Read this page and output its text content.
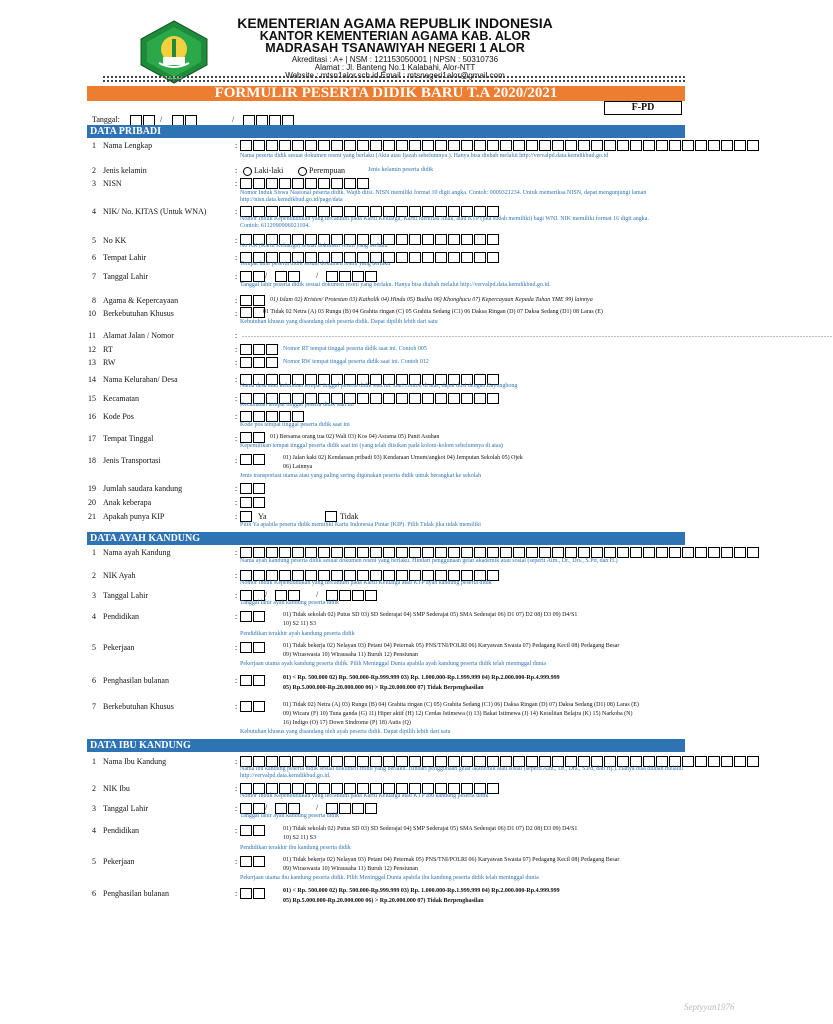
KEMENTERIAN AGAMA
KEMENTERIAN AGAMA REPUBLIK INDONESIA
KANTOR KEMENTERIAN AGAMA KAB. ALOR
MADRASAH TSANAWIYAH NEGERI 1 ALOR
Akreditasi : A+ | NSM : 121153050001 | NPSN : 50310736
Alamat : Jl. Banteng No.1 Kalabahi, Alor-NTT
Website : mtsn1alor.sch.id Email : mtsnegeri1alor@gmail.com
FORMULIR PESERTA DIDIK BARU T.A 2020/2021
F-PD
Tanggal:	/	/
DATA PRIBADI
1 Nama Lengkap	:
Nama peserta didik sesuai dokumen resmi yang berlaku (Akta atau Ijazah sebelumnya ). Hanya bisa diubah melalui http://vervalpd.data.kemdikbud.go.id
2 Jenis kelamin	:	Laki-laki	Perempuan	Jenis kelamin peserta didik
3 NISN	:
Nomor Induk Siswa Nasional peserta didik. Wajib diisi. NISN memiliki format 10 digit angka. Contoh: 0009321234. Untuk memeriksa NISN, dapat mengunjungi laman http://nisn.data.kemdikbud.go.id/page/data
4 NIK/ No. KITAS (Untuk WNA)	:
Nomor Induk Kependudukan yang tercantum pada Kartu Keluarga, Kartu Identitas Anak, atau KTP (jika sudah memiliki) bagi WNI. NIK memiliki format 16 digit angka. Contoh: 6112090906021104.
5 No KK	:
No KK (Kartu Keluarga) sesuai dokumen resmi yang berlaku
6 Tempat Lahir	:
Tempat lahir peserta didik sesuai dokumen resmi yang berlaku
7 Tanggal Lahir	:	/	/
Tanggal lahir peserta didik sesuai dokumen resmi yang berlaku. Hanya bisa diubah melalui http://vervalpd.data.kemdikbud.go.id.
8 Agama & Kepercayaan	:	01) Islam 02) Kristen/ Protestan 03) Katholik 04) Hindu 05) Budha 06) Khonghucu 07) Kepercayaan Kepada Tuhan YME 99) lainnya
10 Berkebutuhan Khusus	:	01 Tidak 02 Netra (A) 03 Rungu (B) 04 Grahita ringan (C) 05 Grahita Sedang (C1) 06 Daksa Ringan (D) 07 Daksa Sedang (D1) 08 Laras (E)
Kebutuhan khusus yang disandang oleh peserta didik. Dapat dipilih lebih dari satu
11 Alamat Jalan / Nomor	: .....................................................................................................................................................................................................
12 RT	:	Nomor RT tempat tinggal peserta didik saat ini. Contoh 005
13 RW	:	Nomor RW tempat tinggal peserta didik saat ini. Contoh 012
14 Nama Kelurahan/ Desa	:
Nama desa atau kelurahan tempat tinggal peserta didik saat ini. Dari contoh di atas, dapat diisi dengan Bayongbong
15 Kecamatan	:
Kecamatan tempat tinggal peserta didik saat ini
16 Kode Pos	:
Kode pos tempat tinggal peserta didik saat ini
17 Tempat Tinggal	:	01) Bersama orang tua 02) Wali 03) Kos 04) Asrama 05) Panti Asuhan
Kepemilikan tempat tinggal peserta didik saat ini (yang telah diisikan pada kolom-kolom sebelumnya di atas)
18 Jenis Transportasi	:	01) Jalan kaki 02) Kendaraan pribadi 03) Kendaraan Umum/angkot 04) Jemputan Sekolah 05) Ojek
06) Lainnya
Jenis transportasi utama atau yang paling sering digunakan peserta didik untuk berangkat ke sekolah
19 Jumlah saudara kandung	:
20 Anak keberapa	:
21 Apakah punya KIP	:	Ya	Tidak
Pilih Ya apabila peserta didik memiliki Kartu Indonesia Pintar (KIP). Pilih Tidak jika tidak memiliki
DATA AYAH KANDUNG
1 Nama ayah Kandung	:
Nama ayah kandung peserta didik sesuai dokumen resmi yang berlaku. Hindari penggunaan gelar akademik atau sosial (seperti Alm., Dr., Drs., S.Pd, dan H.)
2 NIK Ayah	:
Nomor Induk Kependudukan yang tercantum pada Kartu Keluarga atau KTP ayah kandung peserta didik
3 Tanggal Lahir	:	/	/
Tanggal lahir ayah kandung peserta didik
4 Pendidikan	:	01) Tidak sekolah 02) Putus SD 03) SD Sederajat 04) SMP Sederajat 05) SMA Sederajat 06) D1 07) D2 08) D3 09) D4/S1
10) S2 11) S3
Pendidikan terakhir ayah kandung peserta didik
5 Pekerjaan	:	01) Tidak bekerja 02) Nelayan 03) Petani 04) Peternak 05) PNS/TNI/POLRI 06) Karyawan Swasta 07) Pedagang Kecil 08) Pedagang Besar
09) Wiraswasta 10) Wirausaha 11) Buruh 12) Pensiunan
Pekerjaan utama ayah kandung peserta didik. Pilih Meninggal Dunia apabila ayah kandung peserta didik telah meninggal dunia
6 Penghasilan bulanan	:	01) < Rp. 500.000 02) Rp. 500.000-Rp.999.999 03) Rp. 1.000.000-Rp.1.999.999 04) Rp.2.000.000-Rp.4.999.999
05) Rp.5.000.000-Rp.20.000.000 06) > Rp.20.000.000 07) Tidak Berpenghasilan
7 Berkebutuhan Khusus	:	01) Tidak 02) Netra (A) 03) Rungu (B) 04) Grahita ringan (C) 05) Grahita Sedang (C1) 06) Daksa Ringan (D) 07) Daksa Sedang (D1) 08) Laras (E)
09) Wicara (F) 10) Tuna ganda (G) 11) Hiper aktif (H) 12) Cerdas Istimewa (i) 13) Bakat Istimewa (J) 14) Kesulitan Belajra (K) 15) Narkoba (N)
16) Indigo (O) 17) Down Sindrome (P) 18) Autis (Q)
Kebutuhan khusus yang disandang oleh ayah peserta didik. Dapat dipilih lebih dari satu
DATA IBU KANDUNG
1 Nama Ibu Kandung	:
Nama ibu kandung peserta didik sesuai dokumen resmi yang berlaku. Hindari penggunaan gelar akademik atau sosial (seperti Alm., Dr., Dra., S.Pd, dan Hj.). Hanya bisa diubah melalui http://vervalpd.data.kemdikbud.go.id.
2 NIK Ibu	:
Nomor Induk Kependudukan yang tercantum pada Kartu Keluarga atau KTP Ibu kandung peserta didik
3 Tanggal Lahir	:	/	/
Tanggal lahir ayah kandung peserta didik
4 Pendidikan	:	01) Tidak sekolah 02) Putus SD 03) SD Sederajat 04) SMP Sederajat 05) SMA Sederajat 06) D1 07) D2 08) D3 09) D4/S1
10) S2 11) S3
Pendidikan terakhir ibu kandung peserta didik
5 Pekerjaan	:	01) Tidak bekerja 02) Nelayan 03) Petani 04) Peternak 05) PNS/TNI/POLRI 06) Karyawan Swasta 07) Pedagang Kecil 08) Pedagang Besar
09) Wiraswasta 10) Wirausaha 11) Buruh 12) Pensiunan
Pekerjaan utama ibu kandung peserta didik. Pilih Meninggal Dunia apabila ibu kandung peserta didik telah meninggal dunia
6 Penghasilan bulanan	:	01) < Rp. 500.000 02) Rp. 500.000-Rp.999.999 03) Rp. 1.000.000-Rp.1.999.999 04) Rp.2.000.000-Rp.4.999.999
05) Rp.5.000.000-Rp.20.000.000 06) > Rp.20.000.000 07) Tidak Berpenghasilan
Septyyan1976
